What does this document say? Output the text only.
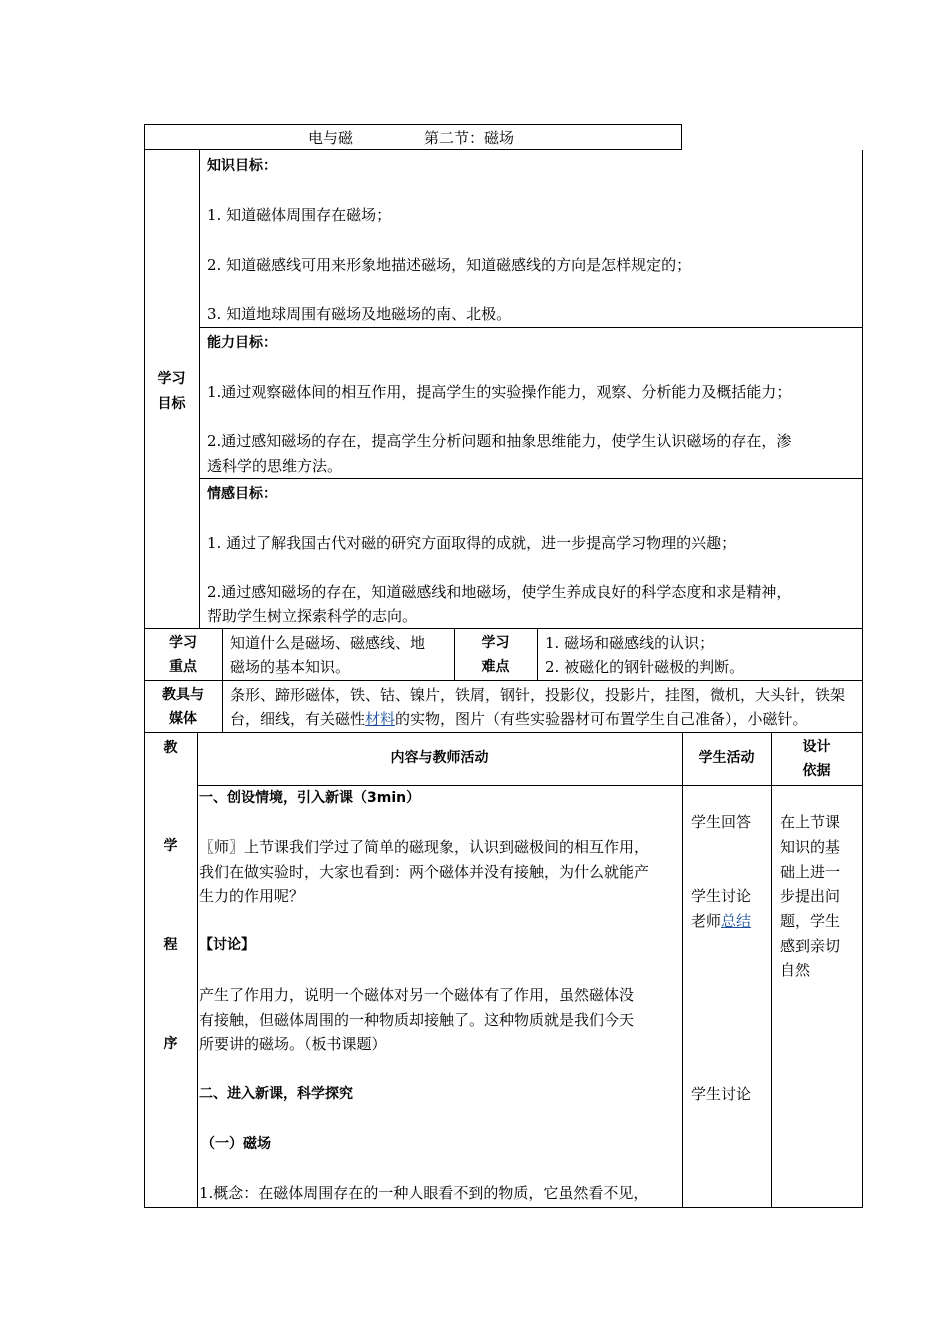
电与磁	第二节：磁场
学习
目标
知识目标：
1. 知道磁体周围存在磁场；
2. 知道磁感线可用来形象地描述磁场，知道磁感线的方向是怎样规定的；
3. 知道地球周围有磁场及地磁场的南、北极。
能力目标：
1.通过观察磁体间的相互作用，提高学生的实验操作能力，观察、分析能力及概括能力；
2.通过感知磁场的存在，提高学生分析问题和抽象思维能力，使学生认识磁场的存在，渗
透科学的思维方法。
情感目标：
1. 通过了解我国古代对磁的研究方面取得的成就，进一步提高学习物理的兴趣；
2.通过感知磁场的存在，知道磁感线和地磁场，使学生养成良好的科学态度和求是精神，
帮助学生树立探索科学的志向。
学习
重点
知道什么是磁场、磁感线、地
磁场的基本知识。
学习
难点
1. 磁场和磁感线的认识；
2. 被磁化的钢针磁极的判断。
教具与
媒体
条形、蹄形磁体，铁、钴、镍片，铁屑，钢针，投影仪，投影片，挂图，微机，大头针，铁架
台，细线，有关磁性材料的实物，图片（有些实验器材可布置学生自己准备），小磁针。
教
学
程
序
内容与教师活动	学生活动
设计
依据
一、创设情境，引入新课（3min）
〖师〗上节课我们学过了简单的磁现象，认识到磁极间的相互作用，
我们在做实验时，大家也看到：两个磁体并没有接触，为什么就能产
生力的作用呢？
【讨论】
产生了作用力，说明一个磁体对另一个磁体有了作用，虽然磁体没
有接触，但磁体周围的一种物质却接触了。这种物质就是我们今天
所要讲的磁场。（板书课题）
二、进入新课，科学探究
（一）磁场
1.概念：在磁体周围存在的一种人眼看不到的物质，它虽然看不见，
学生回答
学生讨论
老师总结
学生讨论
在上节课
知识的基
础上进一
步提出问
题，学生
感到亲切
自然
